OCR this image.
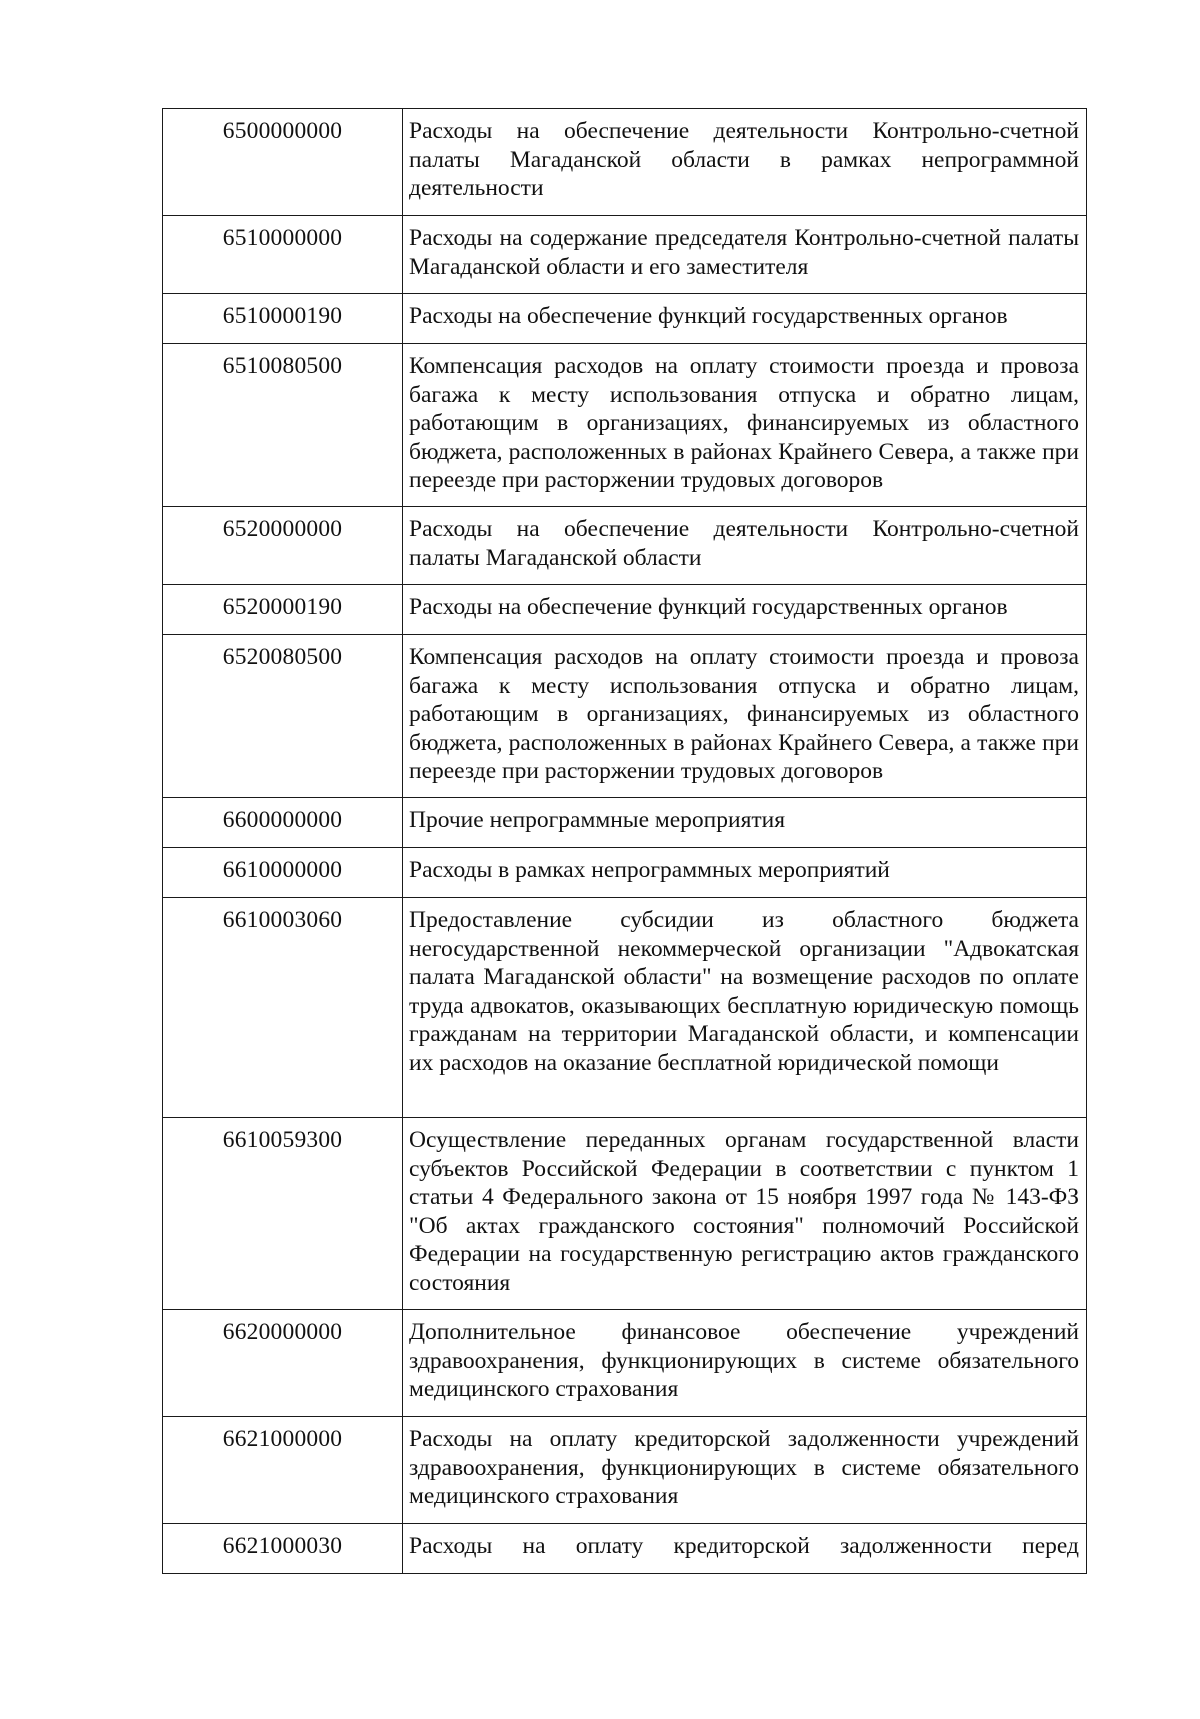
6500000000	Расходы на обеспечение деятельности Контрольно-счетной палаты Магаданской области в рамках непрограммной деятельности

6510000000	Расходы на содержание председателя Контрольно-счетной палаты Магаданской области и его заместителя

6510000190	Расходы на обеспечение функций государственных органов

6510080500	Компенсация расходов на оплату стоимости проезда и провоза багажа к месту использования отпуска и обратно лицам, работающим в организациях, финансируемых из областного бюджета, расположенных в районах Крайнего Севера, а также при переезде при расторжении трудовых договоров

6520000000	Расходы на обеспечение деятельности Контрольно-счетной палаты Магаданской области

6520000190	Расходы на обеспечение функций государственных органов

6520080500	Компенсация расходов на оплату стоимости проезда и провоза багажа к месту использования отпуска и обратно лицам, работающим в организациях, финансируемых из областного бюджета, расположенных в районах Крайнего Севера, а также при переезде при расторжении трудовых договоров

6600000000	Прочие непрограммные мероприятия

6610000000	Расходы в рамках непрограммных мероприятий

6610003060	Предоставление субсидии из областного бюджета негосударственной некоммерческой организации "Адвокатская палата Магаданской области" на возмещение расходов по оплате труда адвокатов, оказывающих бесплатную юридическую помощь гражданам на территории Магаданской области, и компенсации их расходов на оказание бесплатной юридической помощи

6610059300	Осуществление переданных органам государственной власти субъектов Российской Федерации в соответствии с пунктом 1 статьи 4 Федерального закона от 15 ноября 1997 года № 143-ФЗ "Об актах гражданского состояния" полномочий Российской Федерации на государственную регистрацию актов гражданского состояния

6620000000	Дополнительное финансовое обеспечение учреждений здравоохранения, функционирующих в системе обязательного медицинского страхования

6621000000	Расходы на оплату кредиторской задолженности учреждений здравоохранения, функционирующих в системе обязательного медицинского страхования

6621000030	Расходы на оплату кредиторской задолженности перед
